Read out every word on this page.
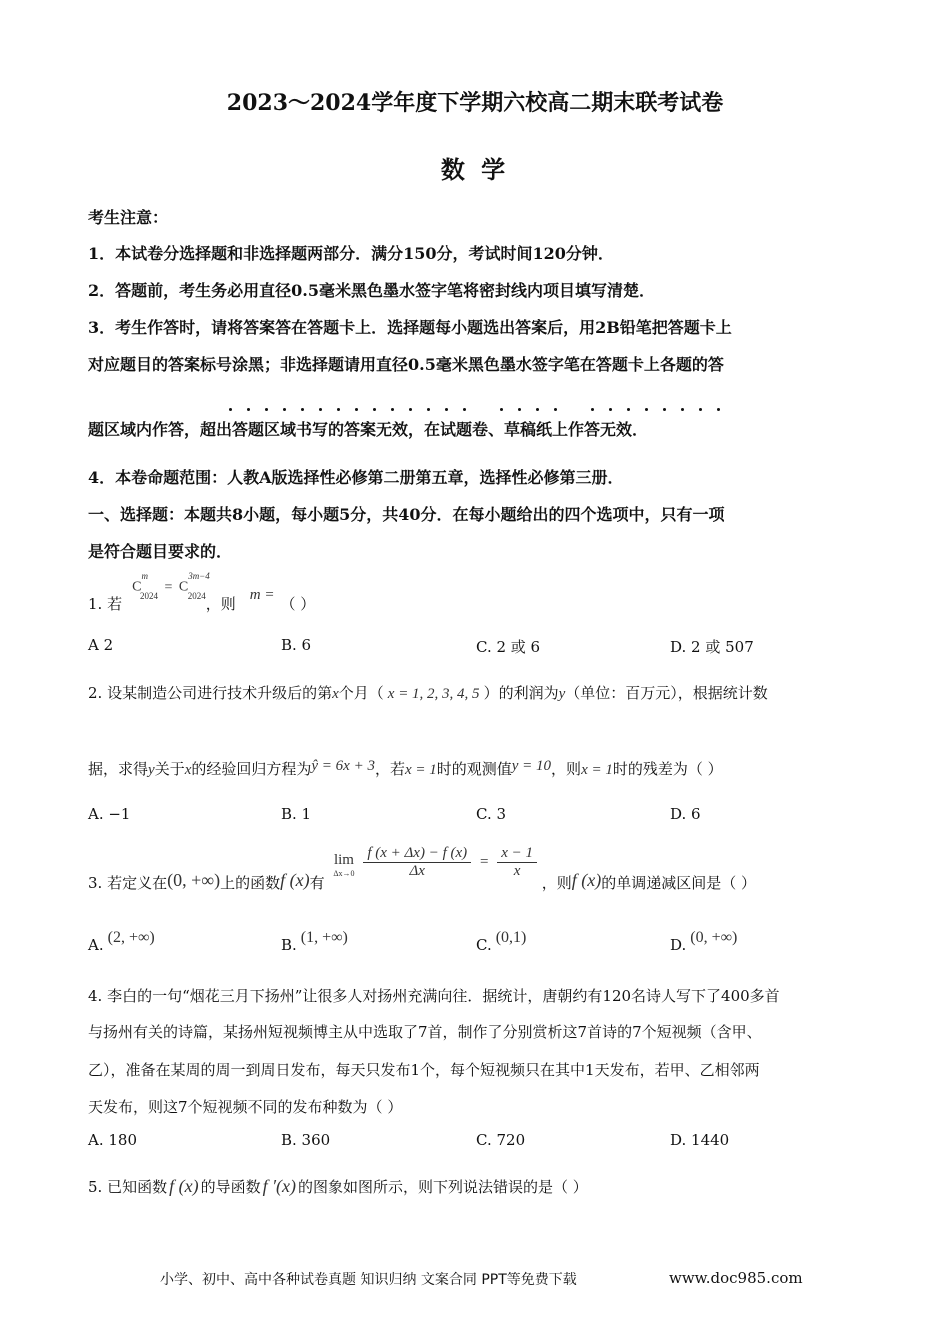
2023～2024学年度下学期六校高二期末联考试卷
数 学
考生注意：
1．本试卷分选择题和非选择题两部分．满分150分，考试时间120分钟．
2．答题前，考生务必用直径0.5毫米黑色墨水签字笔将密封线内项目填写清楚．
3．考生作答时，请将答案答在答题卡上．选择题每小题选出答案后，用2B铅笔把答题卡上
对应题目的答案标号涂黑；非选择题请用直径0.5毫米黑色墨水签字笔在答题卡上各题的答
题区域内作答，超出答题区域书写的答案无效，在试题卷、草稿纸上作答无效．
4．本卷命题范围：人教A版选择性必修第二册第五章，选择性必修第三册．
一、选择题：本题共8小题，每小题5分，共40分．在每小题给出的四个选项中，只有一项
是符合题目要求的．
1. 若$C^m_{2024} = C^{3m-4}_{2024}$，则 m = （ ）
A 2	B. 6	C. 2 或 6	D. 2 或 507
2. 设某制造公司进行技术升级后的第x个月（ x = 1, 2, 3, 4, 5 ）的利润为y（单位：百万元），根据统计数
据，求得y关于x的经验回归方程为ŷ = 6x + 3，若x = 1时的观测值y = 10，则x = 1时的残差为（ ）
A. −1	B. 1	C. 3	D. 6
3. 若定义在(0, +∞)上的函数f (x)有
lim
Δx→0
$\frac{f (x + \Delta x) - f (x)}{\Delta x} = \frac{x - 1}{x}$
，则f (x)的单调递减区间是（ ）
A. (2, +∞)	B. (1, +∞)	C. (0,1)	D. (0, +∞)
4. 李白的一句“烟花三月下扬州”让很多人对扬州充满向往．据统计，唐朝约有120名诗人写下了400多首
与扬州有关的诗篇，某扬州短视频博主从中选取了7首，制作了分别赏析这7首诗的7个短视频（含甲、
乙），准备在某周的周一到周日发布，每天只发布1个，每个短视频只在其中1天发布，若甲、乙相邻两
天发布，则这7个短视频不同的发布种数为（ ）
A. 180	B. 360	C. 720	D. 1440
5. 已知函数 f (x) 的导函数 f ′(x) 的图象如图所示，则下列说法错误的是（ ）
小学、初中、高中各种试卷真题 知识归纳 文案合同 PPT等免费下载	www.doc985.com
